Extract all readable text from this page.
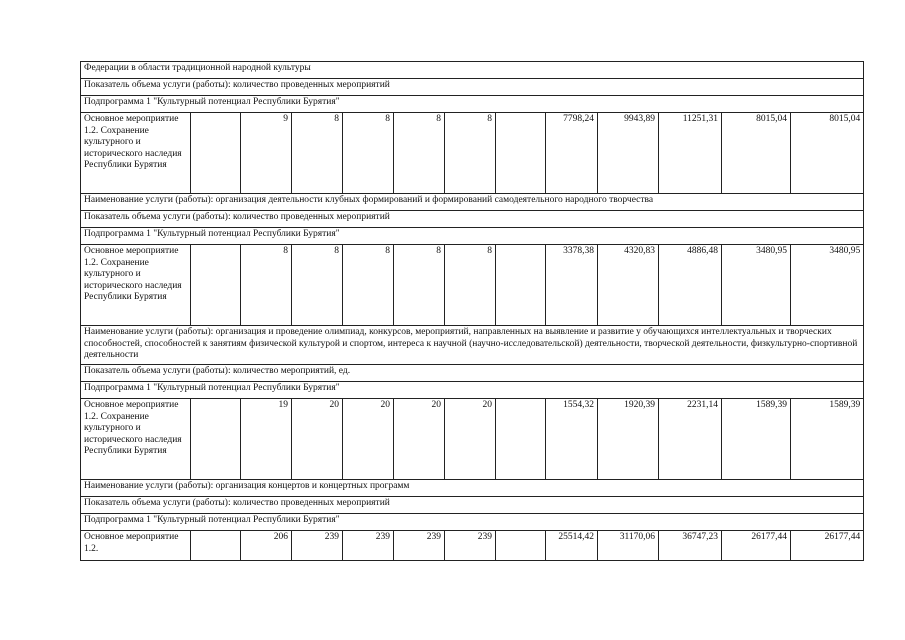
Федерации в области традиционной народной культуры												
Показатель объема услуги (работы): количество проведенных мероприятий												
Подпрограмма 1 "Культурный потенциал Республики Бурятия"												
Основное мероприятие 1.2. Сохранение культурного и исторического наследия Республики Бурятия		9	8	8	8	8		7798,24	9943,89	11251,31	8015,04	8015,04
Наименование услуги (работы): организация деятельности клубных формирований и формирований самодеятельного народного творчества												
Показатель объема услуги (работы): количество проведенных мероприятий												
Подпрограмма 1 "Культурный потенциал Республики Бурятия"												
Основное мероприятие 1.2. Сохранение культурного и исторического наследия Республики Бурятия		8	8	8	8	8		3378,38	4320,83	4886,48	3480,95	3480,95
Наименование услуги (работы): организация и проведение олимпиад, конкурсов, мероприятий, направленных на выявление и развитие у обучающихся интеллектуальных и творческих способностей, способностей к занятиям физической культурой и спортом, интереса к научной (научно-исследовательской) деятельности, творческой деятельности, физкультурно-спортивной деятельности												
Показатель объема услуги (работы): количество мероприятий, ед.												
Подпрограмма 1 "Культурный потенциал Республики Бурятия"												
Основное мероприятие 1.2. Сохранение культурного и исторического наследия Республики Бурятия		19	20	20	20	20		1554,32	1920,39	2231,14	1589,39	1589,39
Наименование услуги (работы): организация концертов и концертных программ												
Показатель объема услуги (работы): количество проведенных мероприятий												
Подпрограмма 1 "Культурный потенциал Республики Бурятия"												
Основное мероприятие 1.2.		206	239	239	239	239		25514,42	31170,06	36747,23	26177,44	26177,44
